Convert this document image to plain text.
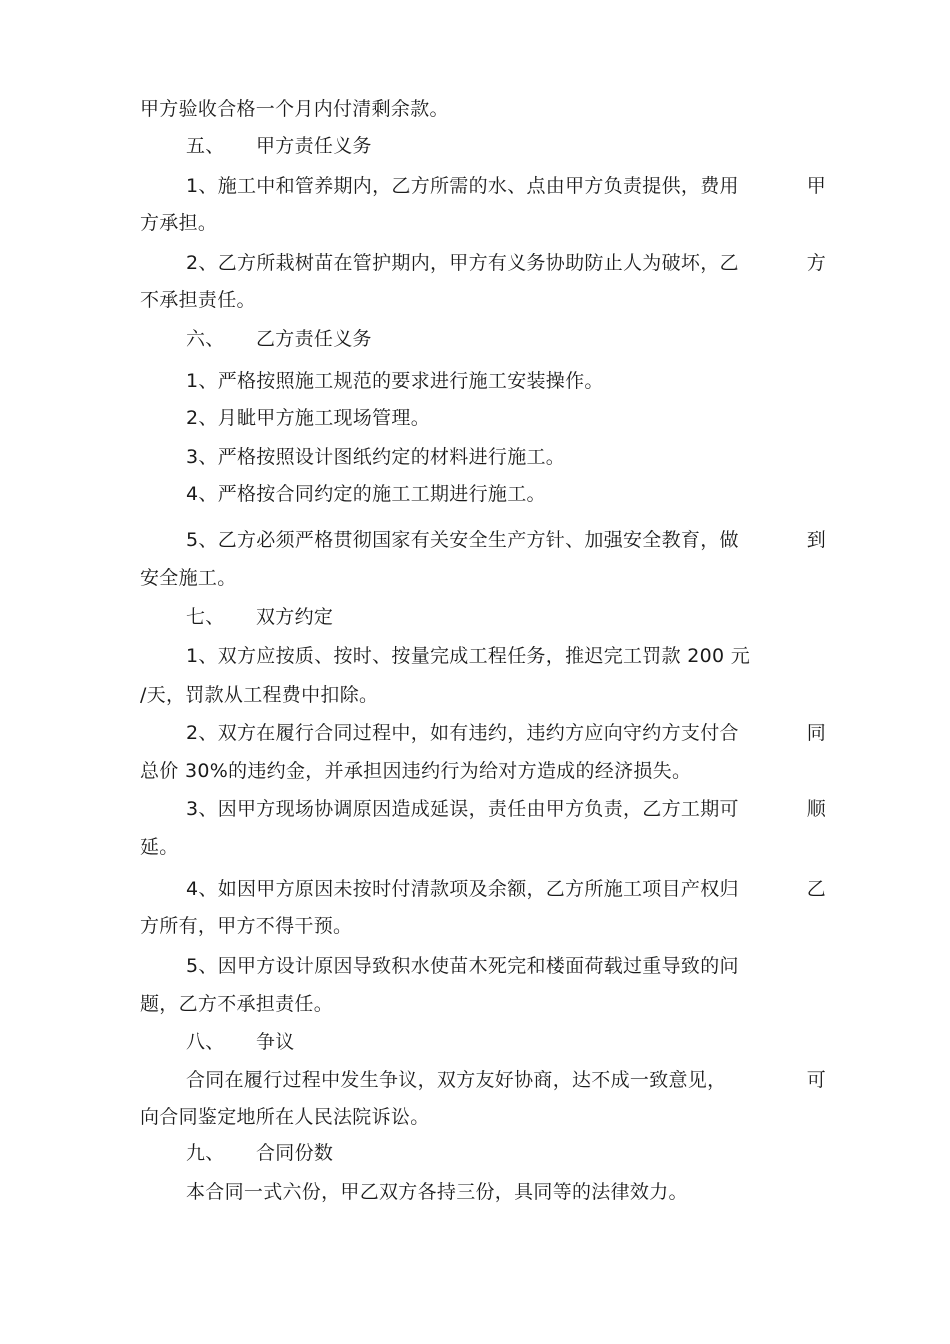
甲方验收合格一个月内付清剩余款。
五、 甲方责任义务
1、施工中和管养期内，乙方所需的水、点由甲方负责提供，费用	甲
方承担。
2、乙方所栽树苗在管护期内，甲方有义务协助防止人为破坏，乙	方
不承担责任。
六、 乙方责任义务
1、严格按照施工规范的要求进行施工安装操作。
2、月眦甲方施工现场管理。
3、严格按照设计图纸约定的材料进行施工。
4、严格按合同约定的施工工期进行施工。
5、乙方必须严格贯彻国家有关安全生产方针、加强安全教育，做	到
安全施工。
七、 双方约定
1、双方应按质、按时、按量完成工程任务，推迟完工罚款 200 元
/天，罚款从工程费中扣除。
2、双方在履行合同过程中，如有违约，违约方应向守约方支付合	同
总价 30%的违约金，并承担因违约行为给对方造成的经济损失。
3、因甲方现场协调原因造成延误，责任由甲方负责，乙方工期可	顺
延。
4、如因甲方原因未按时付清款项及余额，乙方所施工项目产权归	乙
方所有，甲方不得干预。
5、因甲方设计原因导致积水使苗木死完和楼面荷载过重导致的问
题，乙方不承担责任。
八、 争议
合同在履行过程中发生争议，双方友好协商，达不成一致意见，	可
向合同鉴定地所在人民法院诉讼。
九、 合同份数
本合同一式六份，甲乙双方各持三份，具同等的法律效力。
